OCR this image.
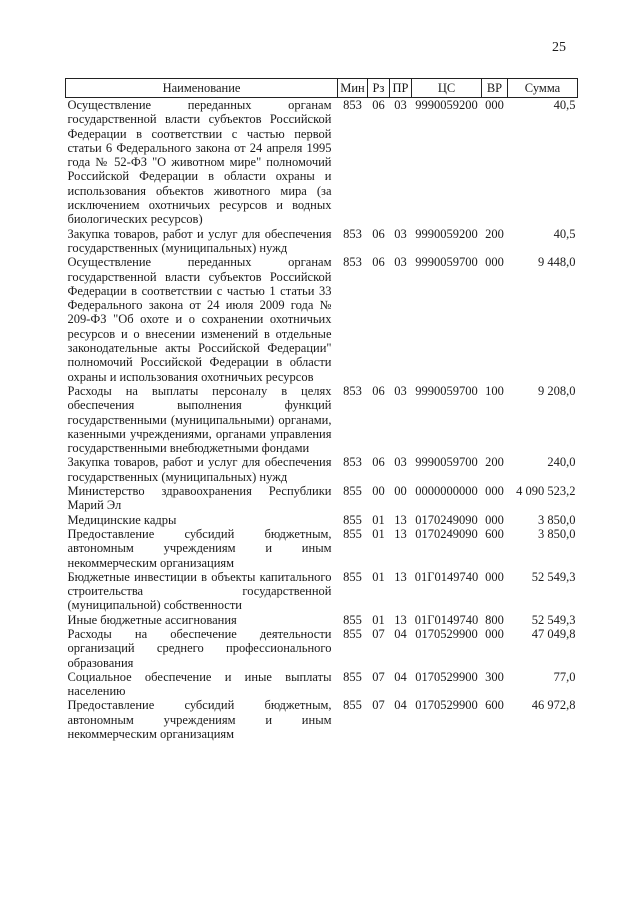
25
Наименование	Мин	Рз	ПР	ЦС	ВР	Сумма
Осуществление переданных органам государственной власти субъектов Российской Федерации в соответствии с частью первой статьи 6 Федерального закона от 24 апреля 1995 года № 52-ФЗ "О животном мире" полномочий Российской Федерации в области охраны и использования объектов животного мира (за исключением охотничьих ресурсов и водных биологических ресурсов)	853	06	03	9990059200	000	40,5
Закупка товаров, работ и услуг для обеспечения государственных (муниципальных) нужд	853	06	03	9990059200	200	40,5
Осуществление переданных органам государственной власти субъектов Российской Федерации в соответствии с частью 1 статьи 33 Федерального закона от 24 июля 2009 года № 209-ФЗ "Об охоте и о сохранении охотничьих ресурсов и о внесении изменений в отдельные законодательные акты Российской Федерации" полномочий Российской Федерации в области охраны и использования охотничьих ресурсов	853	06	03	9990059700	000	9 448,0
Расходы на выплаты персоналу в целях обеспечения выполнения функций государственными (муниципальными) органами, казенными учреждениями, органами управления государственными внебюджетными фондами	853	06	03	9990059700	100	9 208,0
Закупка товаров, работ и услуг для обеспечения государственных (муниципальных) нужд	853	06	03	9990059700	200	240,0
Министерство здравоохранения Республики Марий Эл	855	00	00	0000000000	000	4 090 523,2
Медицинские кадры	855	01	13	0170249090	000	3 850,0
Предоставление субсидий бюджетным, автономным учреждениям и иным некоммерческим организациям	855	01	13	0170249090	600	3 850,0
Бюджетные инвестиции в объекты капитального строительства государственной (муниципальной) собственности	855	01	13	01Г0149740	000	52 549,3
Иные бюджетные ассигнования	855	01	13	01Г0149740	800	52 549,3
Расходы на обеспечение деятельности организаций среднего профессионального образования	855	07	04	0170529900	000	47 049,8
Социальное обеспечение и иные выплаты населению	855	07	04	0170529900	300	77,0
Предоставление субсидий бюджетным, автономным учреждениям и иным некоммерческим организациям	855	07	04	0170529900	600	46 972,8
